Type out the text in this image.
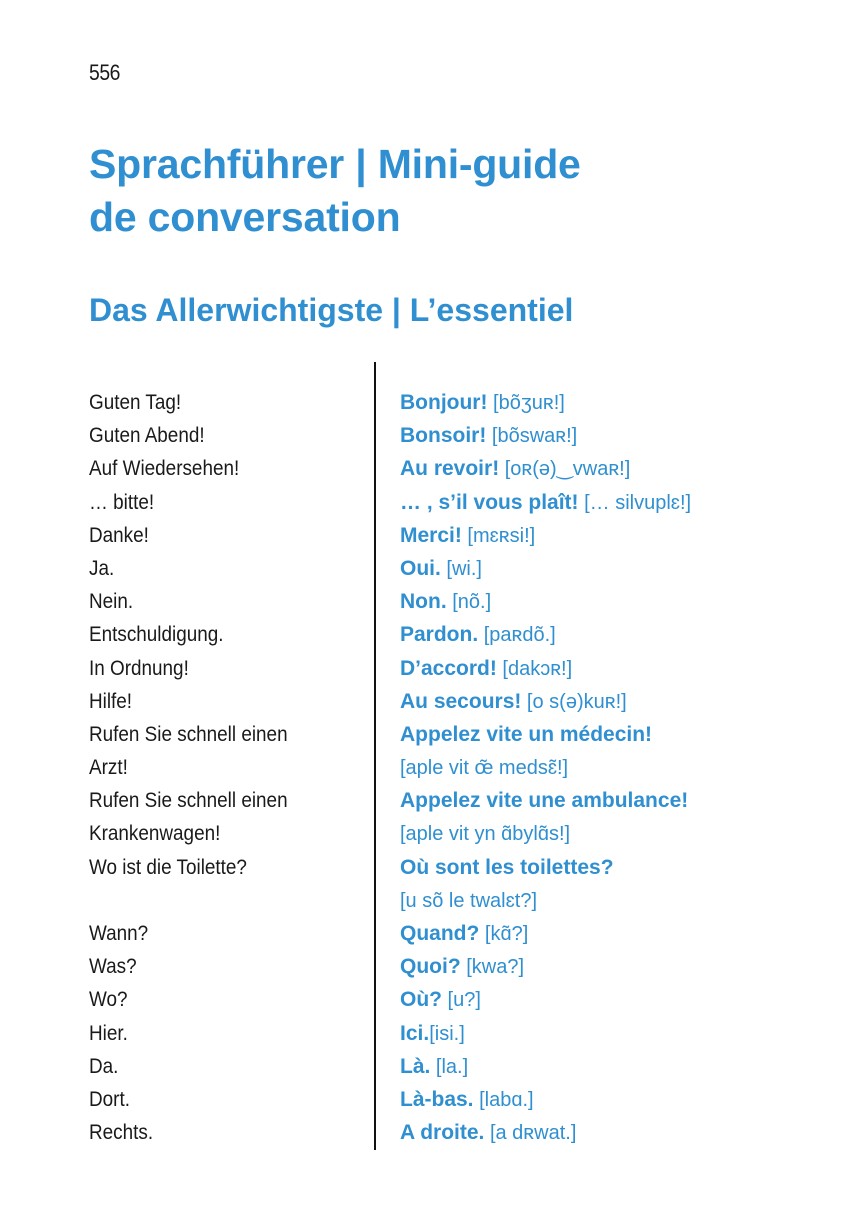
556
Sprachführer | Mini-guide
de conversation
Das Allerwichtigste | L’essentiel
Guten Tag!
Guten Abend!
Auf Wiedersehen!
… bitte!
Danke!
Ja.
Nein.
Entschuldigung.
In Ordnung!
Hilfe!
Rufen Sie schnell einen
Arzt!
Rufen Sie schnell einen
Krankenwagen!
Wo ist die Toilette?
Wann?
Was?
Wo?
Hier.
Da.
Dort.
Rechts.
Bonjour! [bõʒuʀ!]
Bonsoir! [bõswaʀ!]
Au revoir! [oʀ(ə)‿vwaʀ!]
… , s’il vous plaît! [… silvuplɛ!]
Merci! [mɛʀsi!]
Oui. [wi.]
Non. [nõ.]
Pardon. [paʀdõ.]
D’accord! [dakɔʀ!]
Au secours! [o s(ə)kuʀ!]
Appelez vite un médecin!
[aple vit œ̃ medsɛ̃!]
Appelez vite une ambulance!
[aple vit yn ɑ̃bylɑ̃s!]
Où sont les toilettes?
[u sõ le twalɛt?]
Quand? [kɑ̃?]
Quoi? [kwa?]
Où? [u?]
Ici.[isi.]
Là. [la.]
Là-bas. [labɑ.]
A droite. [a dʀwat.]
